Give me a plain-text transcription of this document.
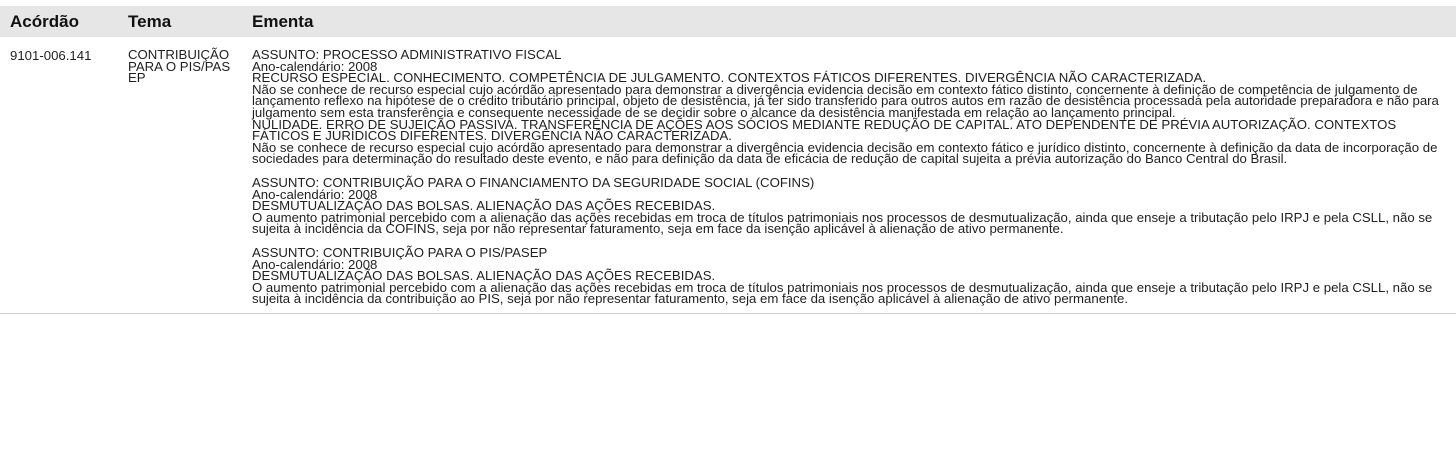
Acórdão	Tema	Ementa
9101-006.141	CONTRIBUIÇÃO PARA O PIS/PASEP
ASSUNTO: PROCESSO ADMINISTRATIVO FISCAL
Ano-calendário: 2008
RECURSO ESPECIAL. CONHECIMENTO. COMPETÊNCIA DE JULGAMENTO. CONTEXTOS FÁTICOS DIFERENTES. DIVERGÊNCIA NÃO CARACTERIZADA.
Não se conhece de recurso especial cujo acórdão apresentado para demonstrar a divergência evidencia decisão em contexto fático distinto, concernente à definição de competência de julgamento de lançamento reflexo na hipótese de o crédito tributário principal, objeto de desistência, já ter sido transferido para outros autos em razão de desistência processada pela autoridade preparadora e não para julgamento sem esta transferência e consequente necessidade de se decidir sobre o alcance da desistência manifestada em relação ao lançamento principal.
NULIDADE. ERRO DE SUJEIÇÃO PASSIVA. TRANSFERÊNCIA DE AÇÕES AOS SÓCIOS MEDIANTE REDUÇÃO DE CAPITAL. ATO DEPENDENTE DE PRÉVIA AUTORIZAÇÃO. CONTEXTOS FÁTICOS E JURÍDICOS DIFERENTES. DIVERGÊNCIA NÃO CARACTERIZADA.
Não se conhece de recurso especial cujo acórdão apresentado para demonstrar a divergência evidencia decisão em contexto fático e jurídico distinto, concernente à definição da data de incorporação de sociedades para determinação do resultado deste evento, e não para definição da data de eficácia de redução de capital sujeita a prévia autorização do Banco Central do Brasil.
ASSUNTO: CONTRIBUIÇÃO PARA O FINANCIAMENTO DA SEGURIDADE SOCIAL (COFINS)
Ano-calendário: 2008
DESMUTUALIZAÇÃO DAS BOLSAS. ALIENAÇÃO DAS AÇÕES RECEBIDAS.
O aumento patrimonial percebido com a alienação das ações recebidas em troca de títulos patrimoniais nos processos de desmutualização, ainda que enseje a tributação pelo IRPJ e pela CSLL, não se sujeita à incidência da COFINS, seja por não representar faturamento, seja em face da isenção aplicável à alienação de ativo permanente.
ASSUNTO: CONTRIBUIÇÃO PARA O PIS/PASEP
Ano-calendário: 2008
DESMUTUALIZAÇÃO DAS BOLSAS. ALIENAÇÃO DAS AÇÕES RECEBIDAS.
O aumento patrimonial percebido com a alienação das ações recebidas em troca de títulos patrimoniais nos processos de desmutualização, ainda que enseje a tributação pelo IRPJ e pela CSLL, não se sujeita à incidência da contribuição ao PIS, seja por não representar faturamento, seja em face da isenção aplicável à alienação de ativo permanente.
